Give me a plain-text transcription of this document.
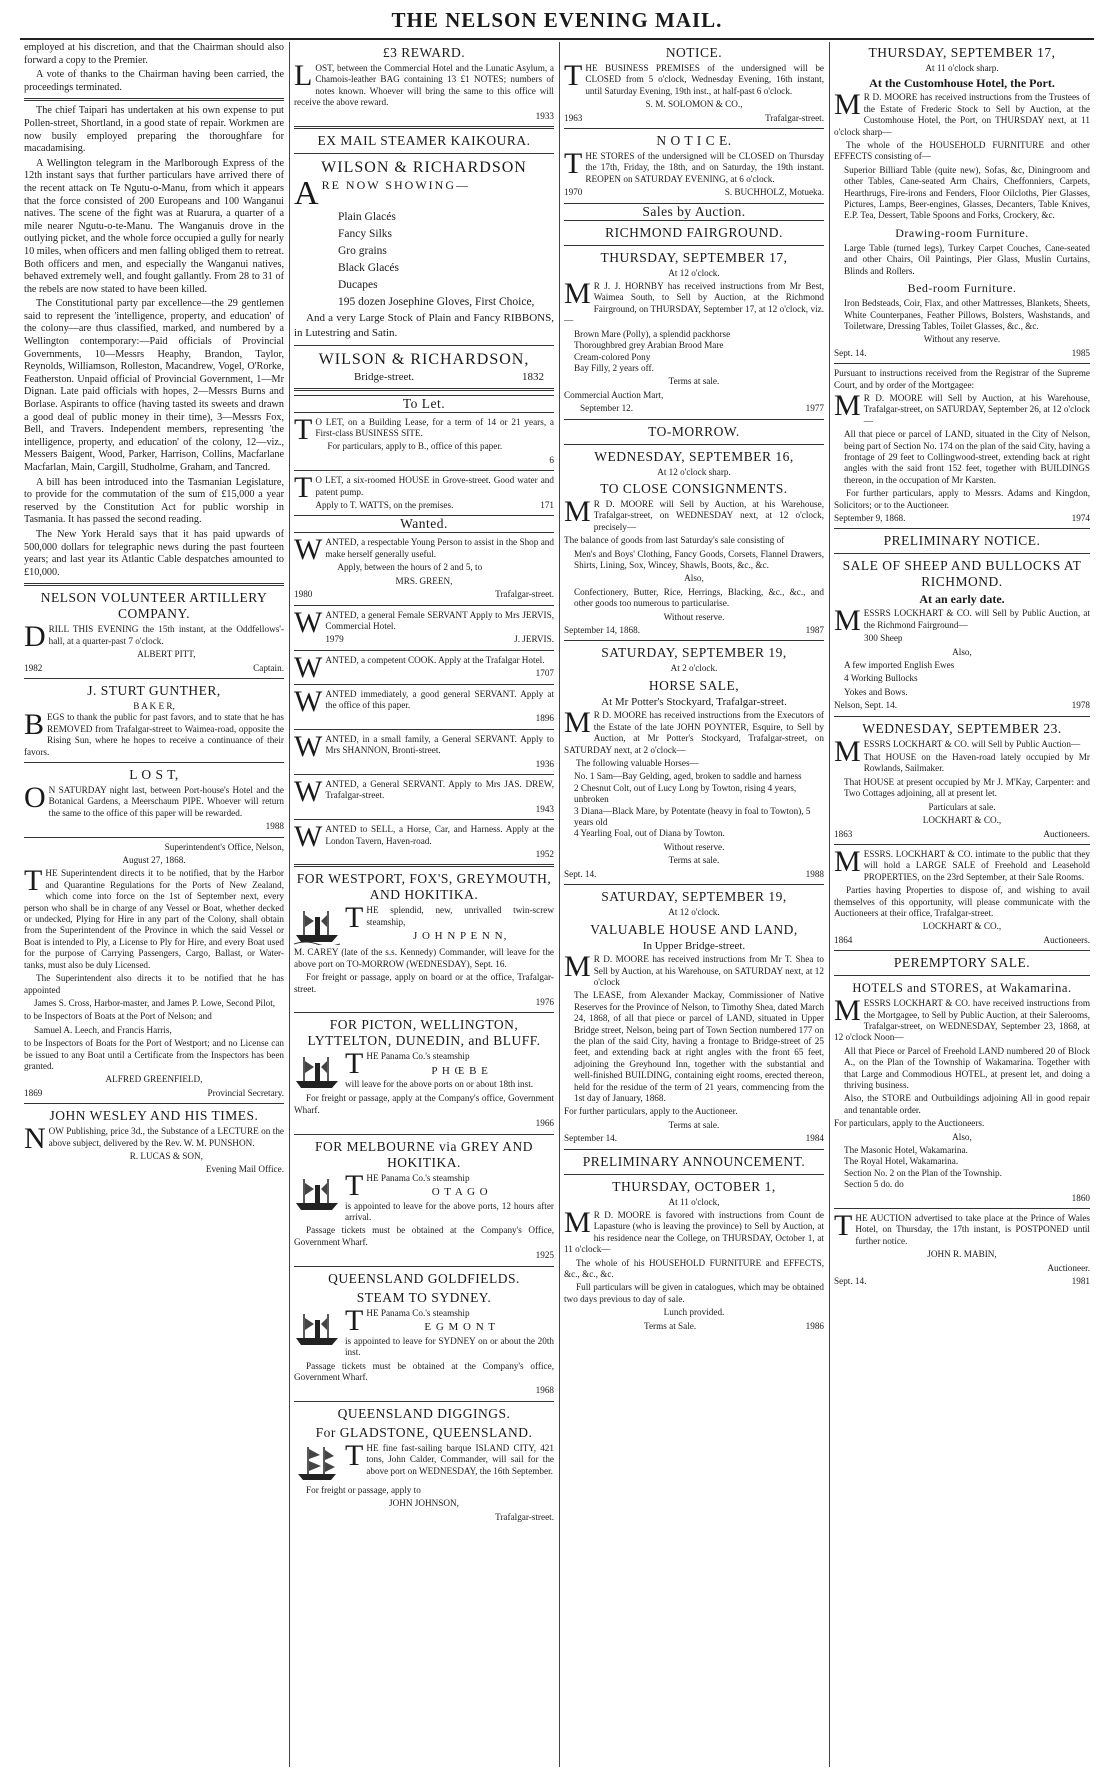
THE NELSON EVENING MAIL.

employed at his discretion, and that the Chairman should also forward a copy to the Premier.

A vote of thanks to the Chairman having been carried, the proceedings terminated.

The chief Taipari has undertaken at his own expense to put Pollen-street, Shortland, in a good state of repair. Workmen are now busily employed preparing the thoroughfare for macadamising.

A Wellington telegram in the Marlborough Express of the 12th instant says that further particulars have arrived there of the recent attack on Te Ngutu-o-Manu, from which it appears that the force consisted of 200 Europeans and 100 Wanganui natives. The scene of the fight was at Ruarura, a quarter of a mile nearer Ngutu-o-te-Manu. The Wanganuis drove in the outlying picket, and the whole force occupied a gully for nearly 10 miles, when officers and men falling obliged them to retreat. Both officers and men, and especially the Wanganui natives, behaved extremely well, and fought gallantly. From 28 to 31 of the rebels are now stated to have been killed.

The Constitutional party par excellence—the 29 gentlemen said to represent the 'intelligence, property, and education' of the colony—are thus classified, marked, and numbered by a Wellington contemporary:—Paid officials of Provincial Governments, 10—Messrs Heaphy, Brandon, Taylor, Reynolds, Williamson, Rolleston, Macandrew, Vogel, O'Rorke, Featherston. Unpaid official of Provincial Government, 1—Mr Dignan. Late paid officials with hopes, 2—Messrs Burns and Borlase. Aspirants to office (having tasted its sweets and drawn a good deal of public money in their time), 3—Messrs Fox, Bell, and Travers. Independent members, representing 'the intelligence, property, and education' of the colony, 12—viz., Messers Baigent, Wood, Parker, Harrison, Collins, Macfarlane Macfarlan, Main, Cargill, Studholme, Graham, and Tancred.

A bill has been introduced into the Tasmanian Legislature, to provide for the commutation of the sum of £15,000 a year reserved by the Constitution Act for public worship in Tasmania. It has passed the second reading.

The New York Herald says that it has paid upwards of 500,000 dollars for telegraphic news during the past fourteen years; and last year its Atlantic Cable despatches amounted to £10,000.

NELSON VOLUNTEER ARTILLERY COMPANY.

DRILL THIS EVENING the 15th instant, at the Oddfellows'-hall, at a quarter-past 7 o'clock.

ALBERT PITT,

1982	Captain.
J. STURT GUNTHER,
B A K E R,

BEGS to thank the public for past favors, and to state that he has REMOVED from Trafalgar-street to Waimea-road, opposite the Rising Sun, where he hopes to receive a continuance of their favors.

L O S T,

O N SATURDAY night last, between Port-house's Hotel and the Botanical Gardens, a Meerschaum PIPE. Whoever will return the same to the office of this paper will be rewarded.

1988

Superintendent's Office, Nelson,

August 27, 1868.

THE Superintendent directs it to be notified, that by the Harbor and Quarantine Regulations for the Ports of New Zealand, which come into force on the 1st of September next, every person who shall be in charge of any Vessel or Boat, whether decked or undecked, Plying for Hire in any part of the Colony, shall obtain from the Superintendent of the Province in which the said Vessel or Boat is intended to Ply, a License to Ply for Hire, and every Boat used for the purpose of Carrying Passengers, Cargo, Ballast, or Water-tanks, must also be duly Licensed.

The Superintendent also directs it to be notified that he has appointed

James S. Cross, Harbor-master, and James P. Lowe, Second Pilot,

to be Inspectors of Boats at the Port of Nelson; and

Samuel A. Leech, and Francis Harris,

to be Inspectors of Boats for the Port of Westport; and no License can be issued to any Boat until a Certificate from the Inspectors has been granted.

ALFRED GREENFIELD,

1869	Provincial Secretary.
JOHN WESLEY AND HIS TIMES.

NOW Publishing, price 3d., the Substance of a LECTURE on the above subject, delivered by the Rev. W. M. PUNSHON.

R. LUCAS & SON,

Evening Mail Office.

£3 REWARD.

LOST, between the Commercial Hotel and the Lunatic Asylum, a Chamois-leather BAG containing 13 £1 NOTES; numbers of notes known. Whoever will bring the same to this office will receive the above reward.

1933

EX MAIL STEAMER KAIKOURA.
WILSON & RICHARDSON

ARE NOW SHOWING—

Plain Glacés
Fancy Silks
Gro grains
Black Glacés
Ducapes
195 dozen Josephine Gloves, First Choice,

And a very Large Stock of Plain and Fancy RIBBONS, in Lutestring and Satin.

WILSON & RICHARDSON,
Bridge-street.	1832
To Let.

T O LET, on a Building Lease, for a term of 14 or 21 years, a First-class BUSINESS SITE.

For particulars, apply to B., office of this paper.

6

T O LET, a six-roomed HOUSE in Grove-street. Good water and patent pump.

Apply to T. WATTS, on the premises.	171
Wanted.

WANTED, a respectable Young Person to assist in the Shop and make herself generally useful.

Apply, between the hours of 2 and 5, to

MRS. GREEN,

1980	Trafalgar-street.

WANTED, a general Female SERVANT Apply to Mrs JERVIS, Commercial Hotel.

1979	J. JERVIS.

WANTED, a competent COOK. Apply at the Trafalgar Hotel.

1707

WANTED immediately, a good general SERVANT. Apply at the office of this paper.

1896

WANTED, in a small family, a General SERVANT. Apply to Mrs SHANNON, Bronti-street.

1936

WANTED, a General SERVANT. Apply to Mrs JAS. DREW, Trafalgar-street.

1943

WANTED to SELL, a Horse, Car, and Harness. Apply at the London Tavern, Haven-road.

1952

FOR WESTPORT, FOX'S, GREYMOUTH, AND HOKITIKA.

THE splendid, new, unrivalled twin-screw steamship,

J O H N P E N N,

M. CAREY (late of the s.s. Kennedy) Commander, will leave for the above port on TO-MORROW (WEDNESDAY), Sept. 16.

For freight or passage, apply on board or at the office, Trafalgar-street.

1976

FOR PICTON, WELLINGTON, LYTTELTON, DUNEDIN, and BLUFF.

THE Panama Co.'s steamship

P H Œ B E

will leave for the above ports on or about 18th inst.

For freight or passage, apply at the Company's office, Government Wharf.

1966

FOR MELBOURNE via GREY AND HOKITIKA.

THE Panama Co.'s steamship

O T A G O

is appointed to leave for the above ports, 12 hours after arrival.

Passage tickets must be obtained at the Company's Office, Government Wharf.

1925

QUEENSLAND GOLDFIELDS.
STEAM TO SYDNEY.

THE Panama Co.'s steamship

E G M O N T

is appointed to leave for SYDNEY on or about the 20th inst.

Passage tickets must be obtained at the Company's office, Government Wharf.

1968

QUEENSLAND DIGGINGS.
For GLADSTONE, QUEENSLAND.

THE fine fast-sailing barque ISLAND CITY, 421 tons, John Calder, Commander, will sail for the above port on WEDNESDAY, the 16th September.

For freight or passage, apply to

JOHN JOHNSON,

Trafalgar-street.

NOTICE.

THE BUSINESS PREMISES of the undersigned will be CLOSED from 5 o'clock, Wednesday Evening, 16th instant, until Saturday Evening, 19th inst., at half-past 6 o'clock.

S. M. SOLOMON & CO.,

1963	Trafalgar-street.
N O T I C E.

THE STORES of the undersigned will be CLOSED on Thursday the 17th, Friday, the 18th, and on Saturday, the 19th instant. REOPEN on SATURDAY EVENING, at 6 o'clock.

1970	S. BUCHHOLZ, Motueka.
Sales by Auction.
RICHMOND FAIRGROUND.
THURSDAY, SEPTEMBER 17,

At 12 o'clock.

M R J. J. HORNBY has received instructions from Mr Best, Waimea South, to Sell by Auction, at the Richmond Fairground, on THURSDAY, September 17, at 12 o'clock, viz.—

Brown Mare (Polly), a splendid packhorse
Thoroughbred grey Arabian Brood Mare
Cream-colored Pony
Bay Filly, 2 years off.

Terms at sale.

Commercial Auction Mart,

September 12.	1977
TO-MORROW.
WEDNESDAY, SEPTEMBER 16,

At 12 o'clock sharp.

TO CLOSE CONSIGNMENTS.

M R D. MOORE will Sell by Auction, at his Warehouse, Trafalgar-street, on WEDNESDAY next, at 12 o'clock, precisely—

The balance of goods from last Saturday's sale consisting of

Men's and Boys' Clothing, Fancy Goods, Corsets, Flannel Drawers, Shirts, Lining, Sox, Wincey, Shawls, Boots, &c., &c.

Also,

Confectionery, Butter, Rice, Herrings, Blacking, &c., &c., and other goods too numerous to particularise.

Without reserve.

September 14, 1868.	1987
SATURDAY, SEPTEMBER 19,

At 2 o'clock.

HORSE SALE,

At Mr Potter's Stockyard, Trafalgar-street.

M R D. MOORE has received instructions from the Executors of the Estate of the late JOHN POYNTER, Esquire, to Sell by Auction, at Mr Potter's Stockyard, Trafalgar-street, on SATURDAY next, at 2 o'clock—

The following valuable Horses—

No. 1 Sam—Bay Gelding, aged, broken to saddle and harness
2 Chesnut Colt, out of Lucy Long by Towton, rising 4 years, unbroken
3 Diana—Black Mare, by Potentate (heavy in foal to Towton), 5 years old
4 Yearling Foal, out of Diana by Towton.

Without reserve.

Terms at sale.

Sept. 14.	1988
SATURDAY, SEPTEMBER 19,

At 12 o'clock.

VALUABLE HOUSE AND LAND,

In Upper Bridge-street.

M R D. MOORE has received instructions from Mr T. Shea to Sell by Auction, at his Warehouse, on SATURDAY next, at 12 o'clock

The LEASE, from Alexander Mackay, Commissioner of Native Reserves for the Province of Nelson, to Timothy Shea, dated March 24, 1868, of all that piece or parcel of LAND, situated in Upper Bridge street, Nelson, being part of Town Section numbered 177 on the plan of the said City, having a frontage to Bridge-street of 25 feet, and extending back at right angles with the front 65 feet, adjoining the Greyhound Inn, together with the substantial and well-finished BUILDING, containing eight rooms, erected thereon, held for the residue of the term of 21 years, commencing from the 1st day of January, 1868.

For further particulars, apply to the Auctioneer.

Terms at sale.

September 14.	1984
PRELIMINARY ANNOUNCEMENT.
THURSDAY, OCTOBER 1,

At 11 o'clock,

M R D. MOORE is favored with instructions from Count de Lapasture (who is leaving the province) to Sell by Auction, at his residence near the College, on THURSDAY, October 1, at 11 o'clock—

The whole of his HOUSEHOLD FURNITURE and EFFECTS, &c., &c., &c.

Full particulars will be given in catalogues, which may be obtained two days previous to day of sale.

Lunch provided.

Terms at Sale.	1986
THURSDAY, SEPTEMBER 17,

At 11 o'clock sharp.

At the Customhouse Hotel, the Port.

M R D. MOORE has received instructions from the Trustees of the Estate of Frederic Stock to Sell by Auction, at the Customhouse Hotel, the Port, on THURSDAY next, at 11 o'clock sharp—

The whole of the HOUSEHOLD FURNITURE and other EFFECTS consisting of—

Superior Billiard Table (quite new), Sofas, &c, Diningroom and other Tables, Cane-seated Arm Chairs, Cheffonniers, Carpets, Hearthrugs, Fire-irons and Fenders, Floor Oilcloths, Pier Glasses, Pictures, Lamps, Beer-engines, Glasses, Decanters, Table Knives, E.P. Tea, Dessert, Table Spoons and Forks, Crockery, &c.

Drawing-room Furniture.

Large Table (turned legs), Turkey Carpet Couches, Cane-seated and other Chairs, Oil Paintings, Pier Glass, Muslin Curtains, Blinds and Rollers.

Bed-room Furniture.

Iron Bedsteads, Coir, Flax, and other Mattresses, Blankets, Sheets, White Counterpanes, Feather Pillows, Bolsters, Washstands, and Toiletware, Dressing Tables, Toilet Glasses, &c., &c.

Without any reserve.

Sept. 14.	1985

Pursuant to instructions received from the Registrar of the Supreme Court, and by order of the Mortgagee:

M R D. MOORE will Sell by Auction, at his Warehouse, Trafalgar-street, on SATURDAY, September 26, at 12 o'clock—

All that piece or parcel of LAND, situated in the City of Nelson, being part of Section No. 174 on the plan of the said City, having a frontage of 29 feet to Collingwood-street, extending back at right angles with the said front 152 feet, together with BUILDINGS thereon, in the occupation of Mr Karsten.

For further particulars, apply to Messrs. Adams and Kingdon, Solicitors; or to the Auctioneer.

September 9, 1868.	1974
PRELIMINARY NOTICE.
SALE OF SHEEP AND BULLOCKS AT RICHMOND.
At an early date.

MESSRS LOCKHART & CO. will Sell by Public Auction, at the Richmond Fairground—

300 Sheep

Also,

A few imported English Ewes

4 Working Bullocks

Yokes and Bows.

Nelson, Sept. 14.	1978
WEDNESDAY, SEPTEMBER 23.

MESSRS LOCKHART & CO. will Sell by Public Auction—

That HOUSE on the Haven-road lately occupied by Mr Rowlands, Sailmaker.

That HOUSE at present occupied by Mr J. M'Kay, Carpenter: and Two Cottages adjoining, all at present let.

Particulars at sale.

LOCKHART & CO.,

1863	Auctioneers.

MESSRS. LOCKHART & CO. intimate to the public that they will hold a LARGE SALE of Freehold and Leasehold PROPERTIES, on the 23rd September, at their Sale Rooms.

Parties having Properties to dispose of, and wishing to avail themselves of this opportunity, will please communicate with the Auctioneers at their office, Trafalgar-street.

LOCKHART & CO.,

1864	Auctioneers.
PEREMPTORY SALE.
HOTELS and STORES, at Wakamarina.

MESSRS LOCKHART & CO. have received instructions from the Mortgagee, to Sell by Public Auction, at their Salerooms, Trafalgar-street, on WEDNESDAY, September 23, 1868, at 12 o'clock Noon—

All that Piece or Parcel of Freehold LAND numbered 20 of Block A., on the Plan of the Township of Wakamarina. Together with that Large and Commodious HOTEL, at present let, and doing a thriving business.

Also, the STORE and Outbuildings adjoining All in good repair and tenantable order.

For particulars, apply to the Auctioneers.

Also,

The Masonic Hotel, Wakamarina.
The Royal Hotel, Wakamarina.
Section No. 2 on the Plan of the Township.
Section 5 do. do

1860

THE AUCTION advertised to take place at the Prince of Wales Hotel, on Thursday, the 17th instant, is POSTPONED until further notice.

JOHN R. MABIN,

Auctioneer.

Sept. 14.	1981
